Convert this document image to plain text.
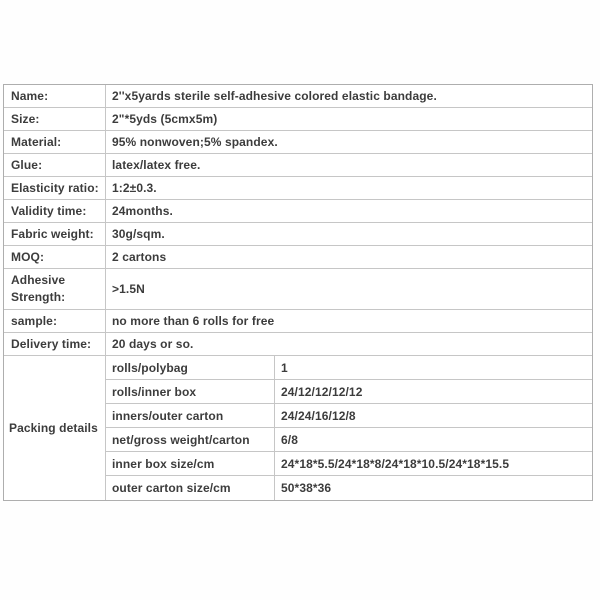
Name:	2''x5yards sterile self-adhesive colored elastic bandage.
Size:	2"*5yds (5cmx5m)
Material:	95% nonwoven;5% spandex.
Glue:	latex/latex free.
Elasticity ratio:	1:2±0.3.
Validity time:	24months.
Fabric weight:	30g/sqm.
MOQ:	2 cartons
Adhesive Strength:
>1.5N
sample:	no more than 6 rolls for free
Delivery time:	20 days or so.
Packing details
rolls/polybag	1
rolls/inner box	24/12/12/12/12
inners/outer carton	24/24/16/12/8
net/gross weight/carton	6/8
inner box size/cm	24*18*5.5/24*18*8/24*18*10.5/24*18*15.5
outer carton size/cm	50*38*36
